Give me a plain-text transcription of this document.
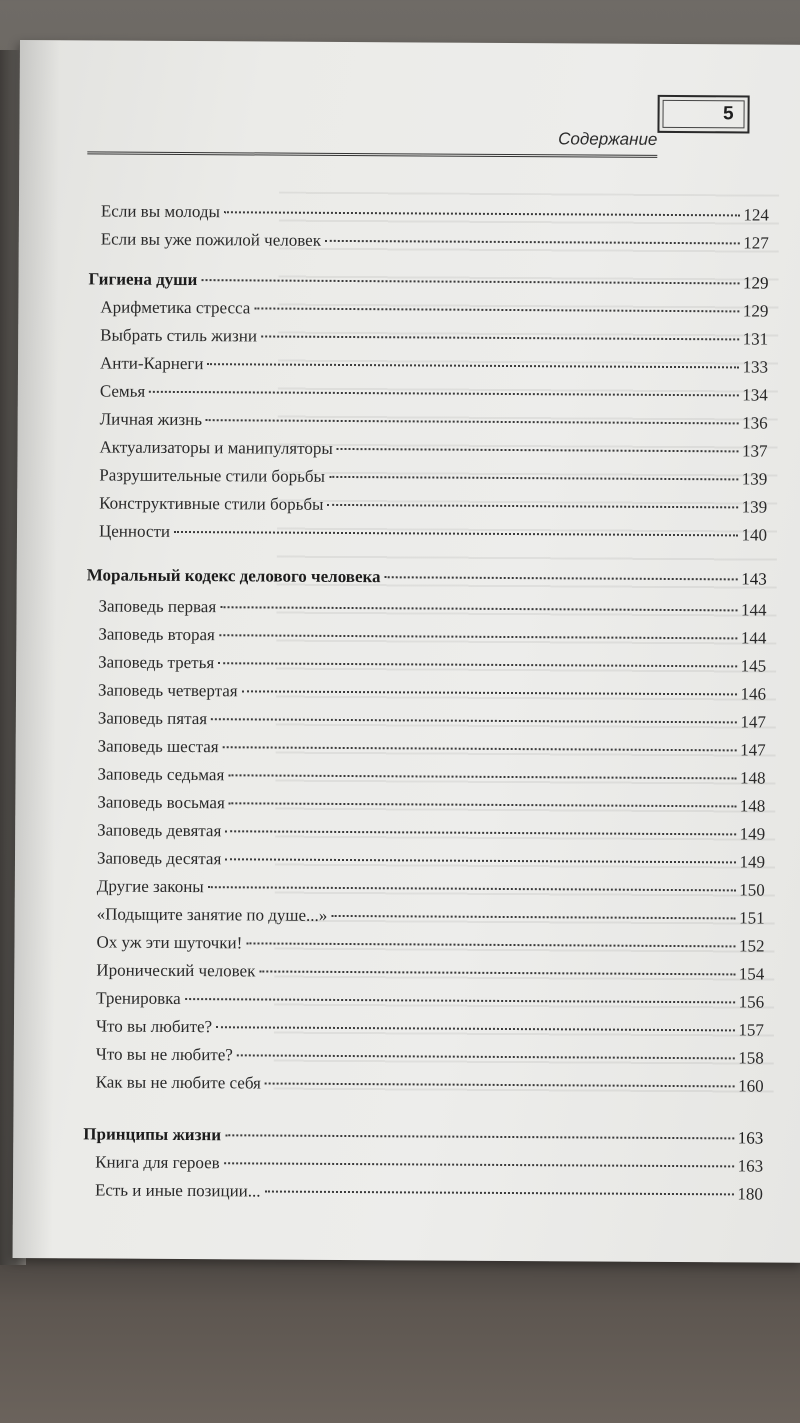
Содержание
5
Если вы молоды	124
Если вы уже пожилой человек	127
Гигиена души	129
Арифметика стресса	129
Выбрать стиль жизни	131
Анти-Карнеги	133
Семья	134
Личная жизнь	136
Актуализаторы и манипуляторы	137
Разрушительные стили борьбы	139
Конструктивные стили борьбы	139
Ценности	140
Моральный кодекс делового человека	143
Заповедь первая	144
Заповедь вторая	144
Заповедь третья	145
Заповедь четвертая	146
Заповедь пятая	147
Заповедь шестая	147
Заповедь седьмая	148
Заповедь восьмая	148
Заповедь девятая	149
Заповедь десятая	149
Другие законы	150
«Подыщите занятие по душе...»	151
Ох уж эти шуточки!	152
Иронический человек	154
Тренировка	156
Что вы любите?	157
Что вы не любите?	158
Как вы не любите себя	160
Принципы жизни	163
Книга для героев	163
Есть и иные позиции...	180
